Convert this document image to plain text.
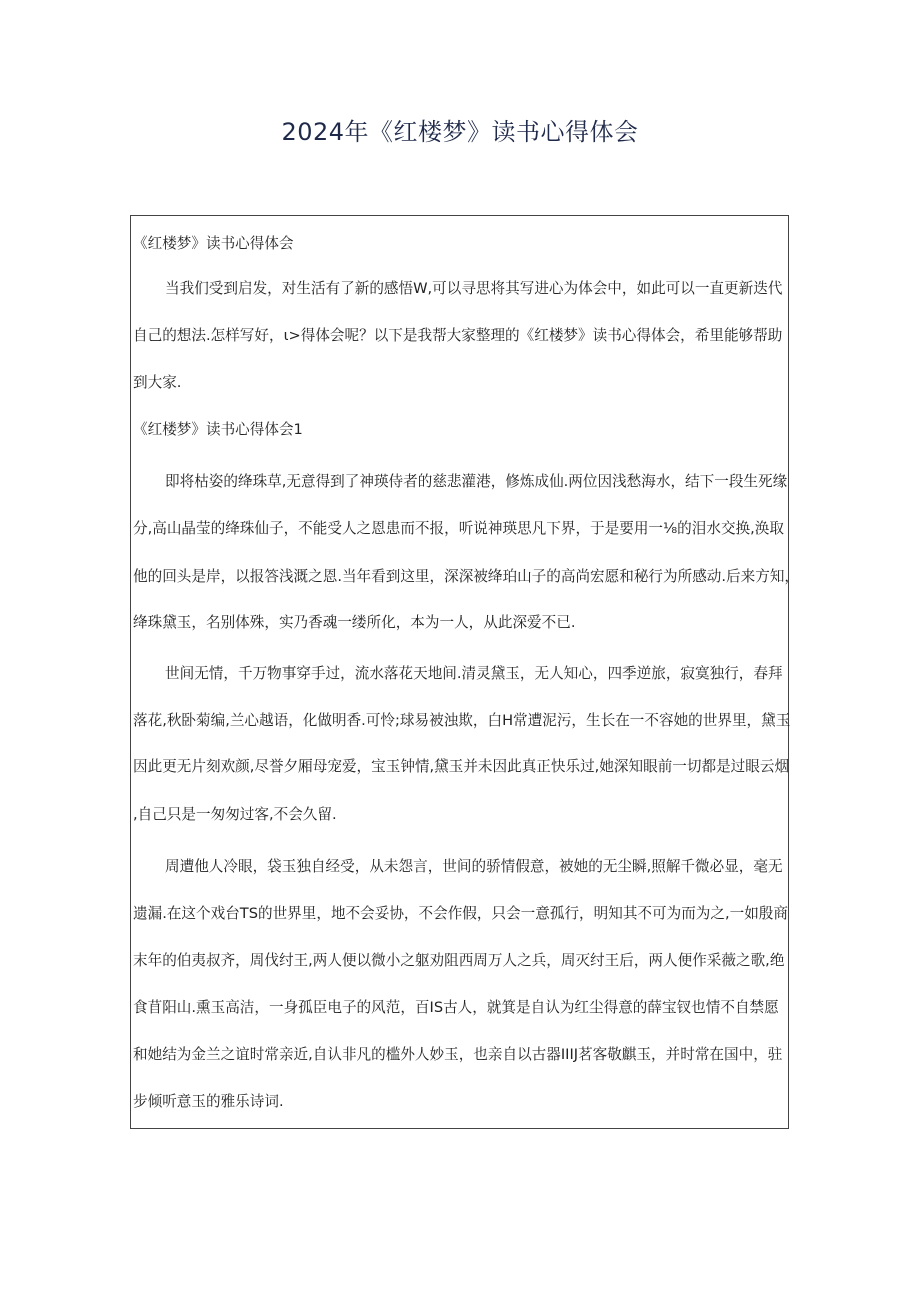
2024年《红楼梦》读书心得体会
《红楼梦》读书心得体会
当我们受到启发，对生活有了新的感悟W,可以寻思将其写进心为体会中，如此可以一直更新迭代
自己的想法.怎样写好，ι>得体会呢？以下是我帮大家整理的《红楼梦》读书心得体会，希里能够帮助
到大家.
《红楼梦》读书心得体会1
即将枯姿的绛珠草,无意得到了神瑛侍者的慈悲灌港，修炼成仙.两位因浅愁海水，结下一段生死缘
分,高山晶莹的绛珠仙子，不能受人之恩患而不报，听说神瑛思凡下界，于是要用一⅛的泪水交换,涣取
他的回头是岸，以报答浅溉之恩.当年看到这里，深深被绛珀山子的高尚宏愿和秘行为所感动.后来方知，
绛珠黛玉，名别体殊，实乃香魂一缕所化，本为一人，从此深爱不已.
世间无情，千万物事穿手过，流水落花天地间.清灵黛玉，无人知心，四季逆旅，寂寞独行，春拜
落花,秋卧菊编,兰心越语，化做明香.可怜;球易被浊欺，白H常遭泥污，生长在一不容她的世界里，黛玉
因此更无片刻欢颜,尽誉夕厢母宠爱，宝玉钟情,黛玉并未因此真正快乐过,她深知眼前一切都是过眼云烟
,自己只是一匆匆过客,不会久留.
周遭他人冷眼，袋玉独自经受，从未怨言，世间的骄情假意，被她的无尘瞬,照解千微必显，毫无
遗漏.在这个戏台TS的世界里，地不会妥协，不会作假，只会一意孤行，明知其不可为而为之,一如殷商
末年的伯夷叔齐，周伐纣王,两人便以微小之躯劝阻西周万人之兵，周灭纣王后，两人便作采薇之歌,绝
食苜阳山.熏玉高洁，一身孤臣电子的风范，百IS古人，就箕是自认为红尘得意的薛宝钗也情不自禁愿
和她结为金兰之谊时常亲近,自认非凡的槛外人妙玉，也亲自以古器IIIJ茗客敬麒玉，并时常在国中，驻
步倾听意玉的雅乐诗词.
